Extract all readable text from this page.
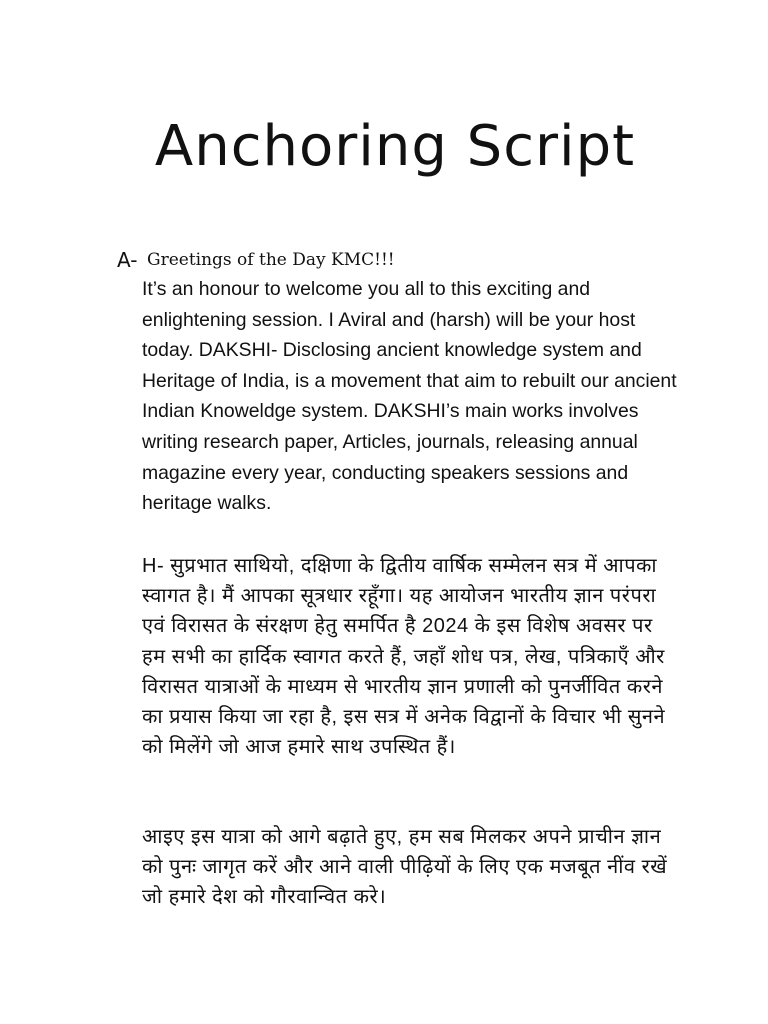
Anchoring Script
A- Greetings of the Day KMC!!!

It’s an honour to welcome you all to this exciting and enlightening session. I Aviral and (harsh) will be your host today. DAKSHI- Disclosing ancient knowledge system and Heritage of India, is a movement that aim to rebuilt our ancient Indian Knoweldge system. DAKSHI’s main works involves writing research paper, Articles, journals, releasing annual magazine every year, conducting speakers sessions and heritage walks.

H- सुप्रभात साथियो, दक्षिणा के द्वितीय वार्षिक सम्मेलन सत्र में आपका स्वागत है। मैं आपका सूत्रधार रहूँगा। यह आयोजन भारतीय ज्ञान परंपरा एवं विरासत के संरक्षण हेतु समर्पित है 2024 के इस विशेष अवसर पर हम सभी का हार्दिक स्वागत करते हैं, जहाँ शोध पत्र, लेख, पत्रिकाएँ और विरासत यात्राओं के माध्यम से भारतीय ज्ञान प्रणाली को पुनर्जीवित करने का प्रयास किया जा रहा है, इस सत्र में अनेक विद्वानों के विचार भी सुनने को मिलेंगे जो आज हमारे साथ उपस्थित हैं।

आइए इस यात्रा को आगे बढ़ाते हुए, हम सब मिलकर अपने प्राचीन ज्ञान को पुनः जागृत करें और आने वाली पीढ़ियों के लिए एक मजबूत नींव रखें जो हमारे देश को गौरवान्वित करे।
